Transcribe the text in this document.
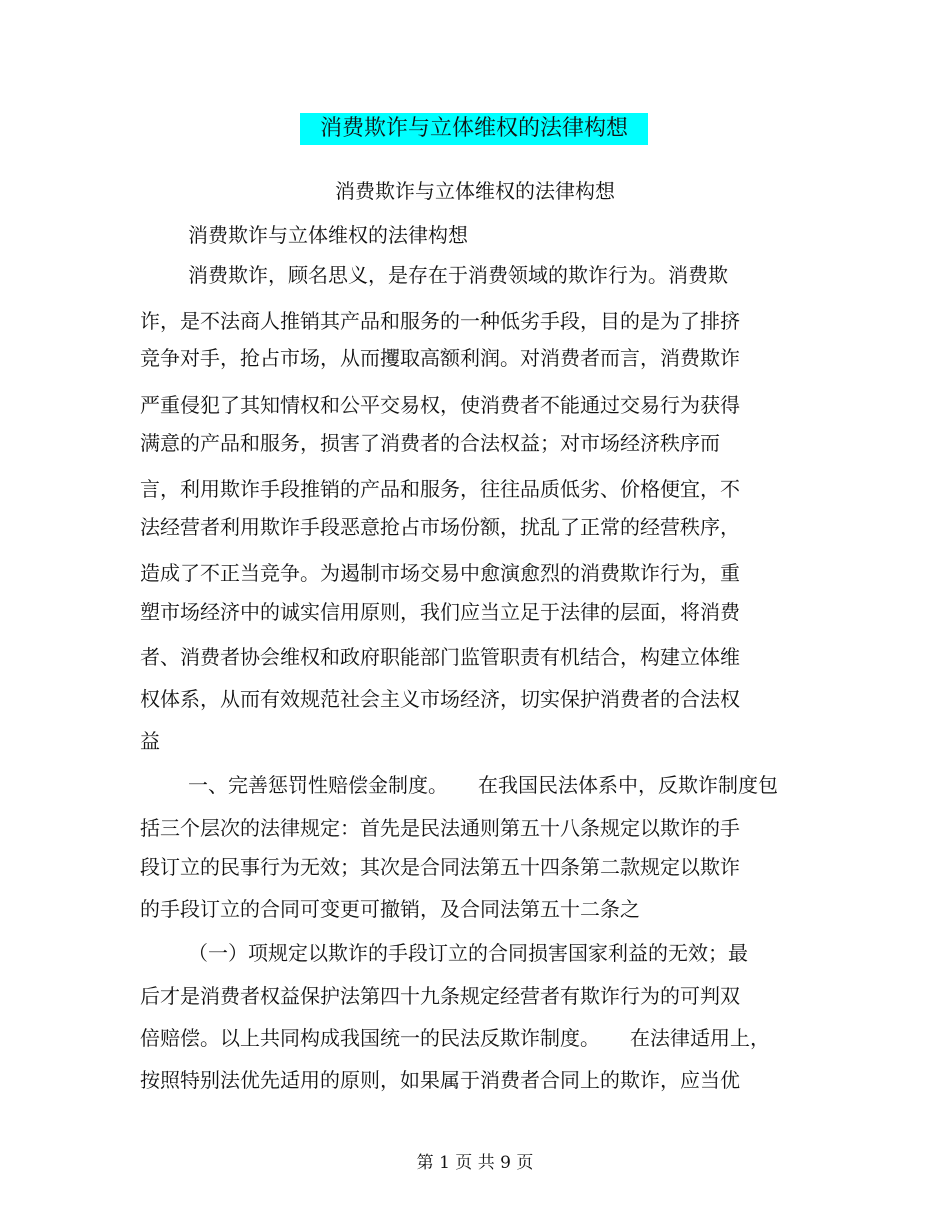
消费欺诈与立体维权的法律构想
消费欺诈与立体维权的法律构想
消费欺诈与立体维权的法律构想
消费欺诈，顾名思义，是存在于消费领域的欺诈行为。消费欺
诈，是不法商人推销其产品和服务的一种低劣手段，目的是为了排挤
竞争对手，抢占市场，从而攫取高额利润。对消费者而言，消费欺诈
严重侵犯了其知情权和公平交易权，使消费者不能通过交易行为获得
满意的产品和服务，损害了消费者的合法权益；对市场经济秩序而
言，利用欺诈手段推销的产品和服务，往往品质低劣、价格便宜，不
法经营者利用欺诈手段恶意抢占市场份额，扰乱了正常的经营秩序，
造成了不正当竞争。为遏制市场交易中愈演愈烈的消费欺诈行为，重
塑市场经济中的诚实信用原则，我们应当立足于法律的层面，将消费
者、消费者协会维权和政府职能部门监管职责有机结合，构建立体维
权体系，从而有效规范社会主义市场经济，切实保护消费者的合法权
益
一、完善惩罚性赔偿金制度。　　在我国民法体系中，反欺诈制度包
括三个层次的法律规定：首先是民法通则第五十八条规定以欺诈的手
段订立的民事行为无效；其次是合同法第五十四条第二款规定以欺诈
的手段订立的合同可变更可撤销，及合同法第五十二条之
（一）项规定以欺诈的手段订立的合同损害国家利益的无效；最
后才是消费者权益保护法第四十九条规定经营者有欺诈行为的可判双
倍赔偿。以上共同构成我国统一的民法反欺诈制度。　　在法律适用上，
按照特别法优先适用的原则，如果属于消费者合同上的欺诈，应当优
第 1 页 共 9 页
